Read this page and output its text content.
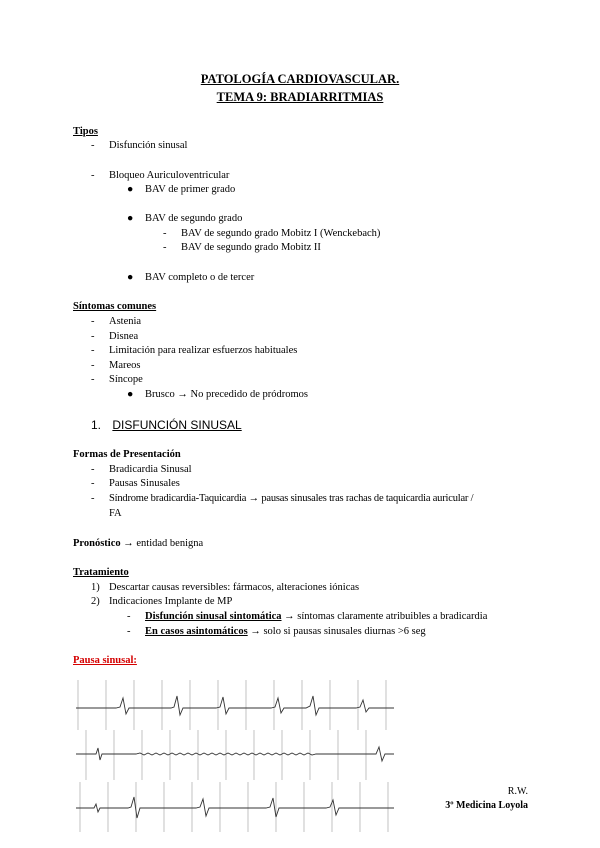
PATOLOGÍA CARDIOVASCULAR.
TEMA 9: BRADIARRITMIAS
Tipos
- Disfunción sinusal
- Bloqueo Auriculoventricular
● BAV de primer grado
● BAV de segundo grado
- BAV de segundo grado Mobitz I (Wenckebach)
- BAV de segundo grado Mobitz II
● BAV completo o de tercer
Síntomas comunes
- Astenia
- Disnea
- Limitación para realizar esfuerzos habituales
- Mareos
- Síncope
● Brusco → No precedido de pródromos
1. DISFUNCIÓN SINUSAL
Formas de Presentación
- Bradicardia Sinusal
- Pausas Sinusales
- Síndrome bradicardia-Taquicardia → pausas sinusales tras rachas de taquicardia auricular /
FA
Pronóstico → entidad benigna
Tratamiento
1) Descartar causas reversibles: fármacos, alteraciones iónicas
2) Indicaciones Implante de MP
- Disfunción sinusal sintomática → síntomas claramente atribuibles a bradicardia
- En casos asintomáticos → solo si pausas sinusales diurnas >6 seg
Pausa sinusal:
R.W.
3º Medicina Loyola
